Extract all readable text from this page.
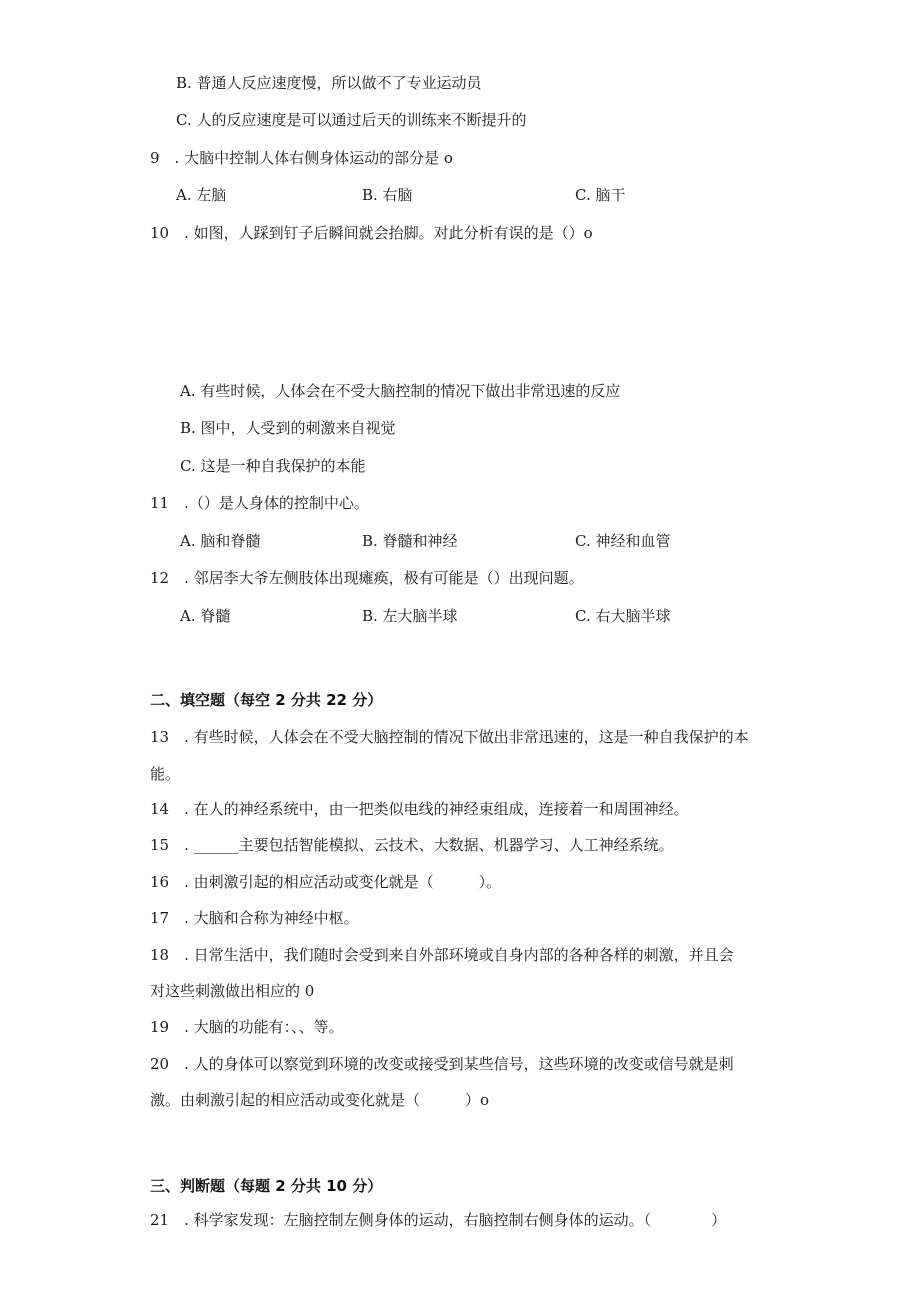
B. 普通人反应速度慢，所以做不了专业运动员
C. 人的反应速度是可以通过后天的训练来不断提升的
9　. 大脑中控制人体右侧身体运动的部分是 o
A. 左脑	B. 右脑	C. 脑干
10　. 如图，人踩到钉子后瞬间就会抬脚。对此分析有误的是（）o
A. 有些时候，人体会在不受大脑控制的情况下做出非常迅速的反应
B. 图中，人受到的刺激来自视觉
C. 这是一种自我保护的本能
11　.（）是人身体的控制中心。
A. 脑和脊髓	B. 脊髓和神经	C. 神经和血管
12　. 邻居李大爷左侧肢体出现瘫痪，极有可能是（）出现问题。
A. 脊髓	B. 左大脑半球	C. 右大脑半球
二、填空题（每空 2 分共 22 分）
13　. 有些时候，人体会在不受大脑控制的情况下做出非常迅速的，这是一种自我保护的本
能。
14　. 在人的神经系统中，由一把类似电线的神经束组成，连接着一和周围神经。
15　. ______主要包括智能模拟、云技术、大数据、机器学习、人工神经系统。
16　. 由刺激引起的相应活动或变化就是（　　　）。
17　. 大脑和合称为神经中枢。
18　. 日常生活中，我们随时会受到来自外部环境或自身内部的各种各样的刺激，并且会
对这些刺激做出相应的 0
19　. 大脑的功能有：、、等。
20　. 人的身体可以察觉到环境的改变或接受到某些信号，这些环境的改变或信号就是刺
激。由刺激引起的相应活动或变化就是（　　　）o
三、判断题（每题 2 分共 10 分）
21　. 科学家发现：左脑控制左侧身体的运动，右脑控制右侧身体的运动。（　　　　）
